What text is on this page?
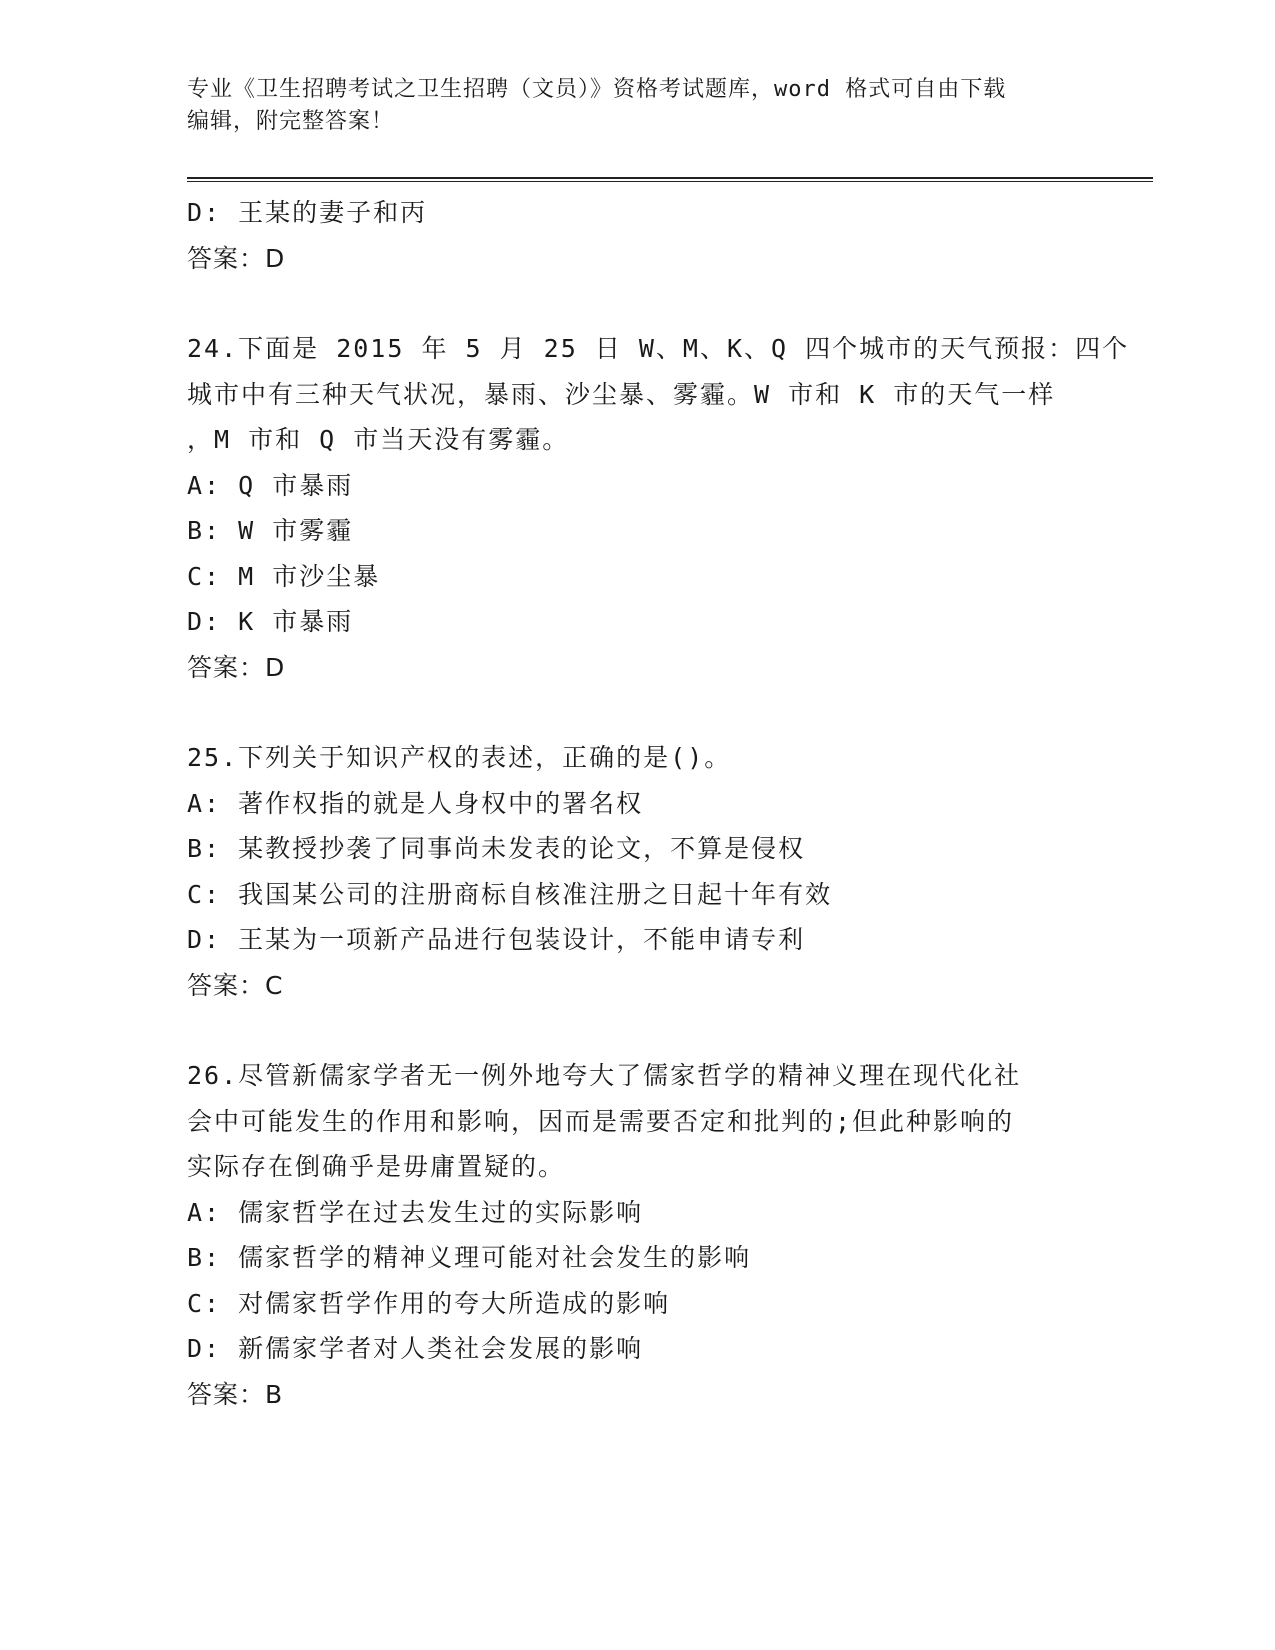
专业《卫生招聘考试之卫生招聘（文员）》资格考试题库，word 格式可自由下载
编辑，附完整答案！
D: 王某的妻子和丙
答案：D
24.下面是 2015 年 5 月 25 日 W、M、K、Q 四个城市的天气预报：四个
城市中有三种天气状况，暴雨、沙尘暴、雾霾。W 市和 K 市的天气一样
，M 市和 Q 市当天没有雾霾。
A: Q 市暴雨
B: W 市雾霾
C: M 市沙尘暴
D: K 市暴雨
答案：D
25.下列关于知识产权的表述，正确的是()。
A: 著作权指的就是人身权中的署名权
B: 某教授抄袭了同事尚未发表的论文，不算是侵权
C: 我国某公司的注册商标自核准注册之日起十年有效
D: 王某为一项新产品进行包装设计，不能申请专利
答案：C
26.尽管新儒家学者无一例外地夸大了儒家哲学的精神义理在现代化社
会中可能发生的作用和影响，因而是需要否定和批判的;但此种影响的
实际存在倒确乎是毋庸置疑的。
A: 儒家哲学在过去发生过的实际影响
B: 儒家哲学的精神义理可能对社会发生的影响
C: 对儒家哲学作用的夸大所造成的影响
D: 新儒家学者对人类社会发展的影响
答案：B
